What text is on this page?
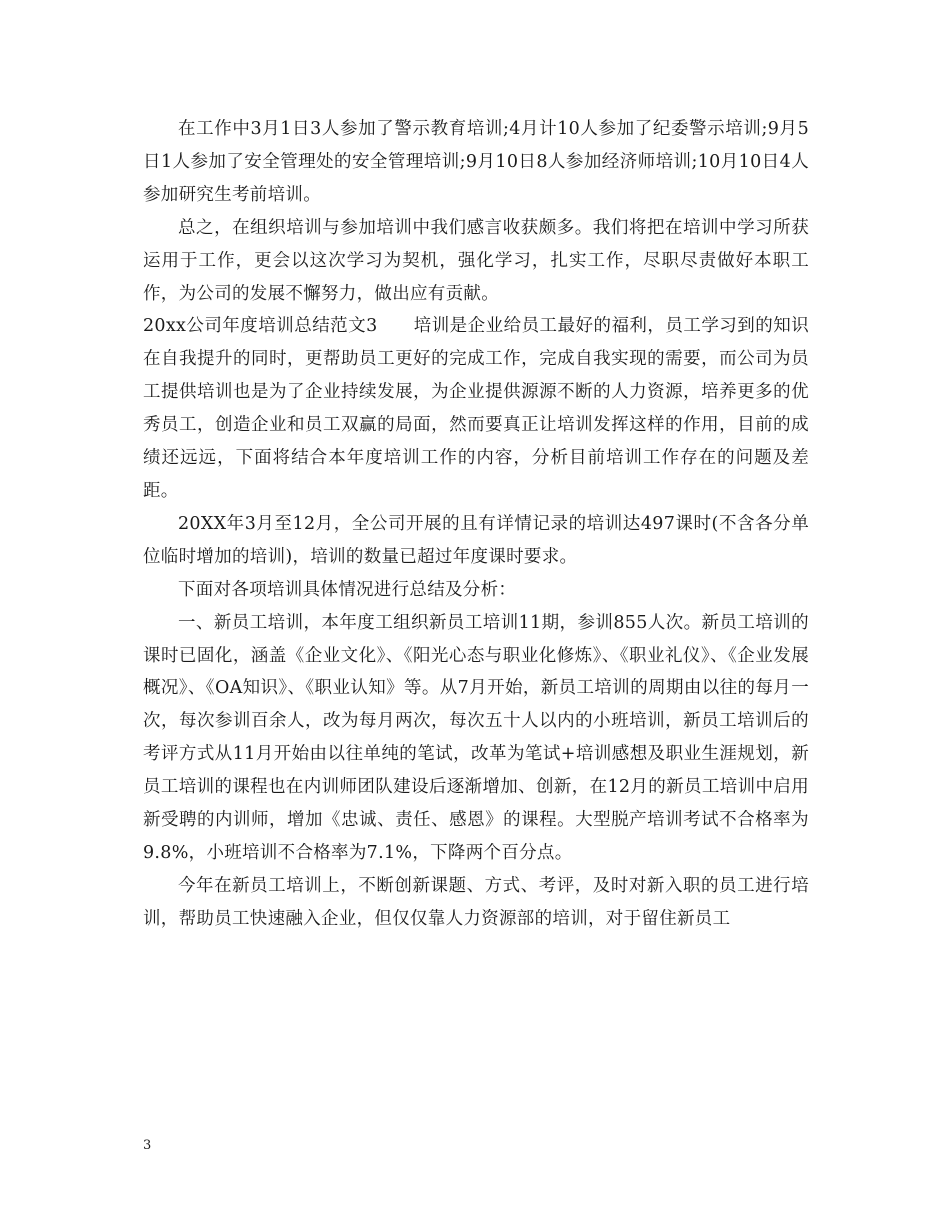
在工作中3月1日3人参加了警示教育培训;4月计10人参加了纪委警示培训;9月5日1人参加了安全管理处的安全管理培训;9月10日8人参加经济师培训;10月10日4人参加研究生考前培训。

总之，在组织培训与参加培训中我们感言收获颇多。我们将把在培训中学习所获运用于工作，更会以这次学习为契机，强化学习，扎实工作，尽职尽责做好本职工作，为公司的发展不懈努力，做出应有贡献。

20xx公司年度培训总结范文3 培训是企业给员工最好的福利，员工学习到的知识在自我提升的同时，更帮助员工更好的完成工作，完成自我实现的需要，而公司为员工提供培训也是为了企业持续发展，为企业提供源源不断的人力资源，培养更多的优秀员工，创造企业和员工双赢的局面，然而要真正让培训发挥这样的作用，目前的成绩还远远，下面将结合本年度培训工作的内容，分析目前培训工作存在的问题及差距。

20XX年3月至12月，全公司开展的且有详情记录的培训达497课时(不含各分单位临时增加的培训)，培训的数量已超过年度课时要求。

下面对各项培训具体情况进行总结及分析：

一、新员工培训，本年度工组织新员工培训11期，参训855人次。新员工培训的课时已固化，涵盖《企业文化》、《阳光心态与职业化修炼》、《职业礼仪》、《企业发展概况》、《OA知识》、《职业认知》等。从7月开始，新员工培训的周期由以往的每月一次，每次参训百余人，改为每月两次，每次五十人以内的小班培训，新员工培训后的考评方式从11月开始由以往单纯的笔试，改革为笔试+培训感想及职业生涯规划，新员工培训的课程也在内训师团队建设后逐渐增加、创新，在12月的新员工培训中启用新受聘的内训师，增加《忠诚、责任、感恩》的课程。大型脱产培训考试不合格率为9.8%，小班培训不合格率为7.1%，下降两个百分点。

今年在新员工培训上，不断创新课题、方式、考评，及时对新入职的员工进行培训，帮助员工快速融入企业，但仅仅靠人力资源部的培训，对于留住新员工

3
